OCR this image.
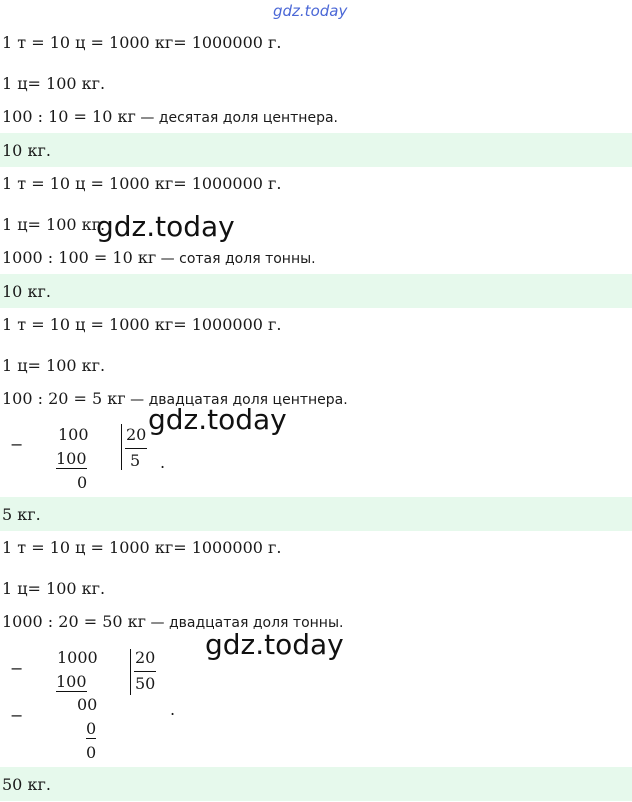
gdz.today
1 т = 10 ц = 1000 кг= 1000000 г.
1 ц= 100 кг.
100 : 10 = 10 кг — десятая доля центнера.
10 кг.
1 т = 10 ц = 1000 кг= 1000000 г.
1 ц= 100 кг.
gdz.today
1000 : 100 = 10 кг — сотая доля тонны.
10 кг.
1 т = 10 ц = 1000 кг= 1000000 г.
1 ц= 100 кг.
100 : 20 = 5 кг — двадцатая доля центнера.
gdz.today
−
100
100
0
20
5 .
5 кг.
1 т = 10 ц = 1000 кг= 1000000 г.
1 ц= 100 кг.
1000 : 20 = 50 кг — двадцатая доля тонны.
gdz.today
−
1000
100
−
00
0
0
20
50
.
50 кг.
